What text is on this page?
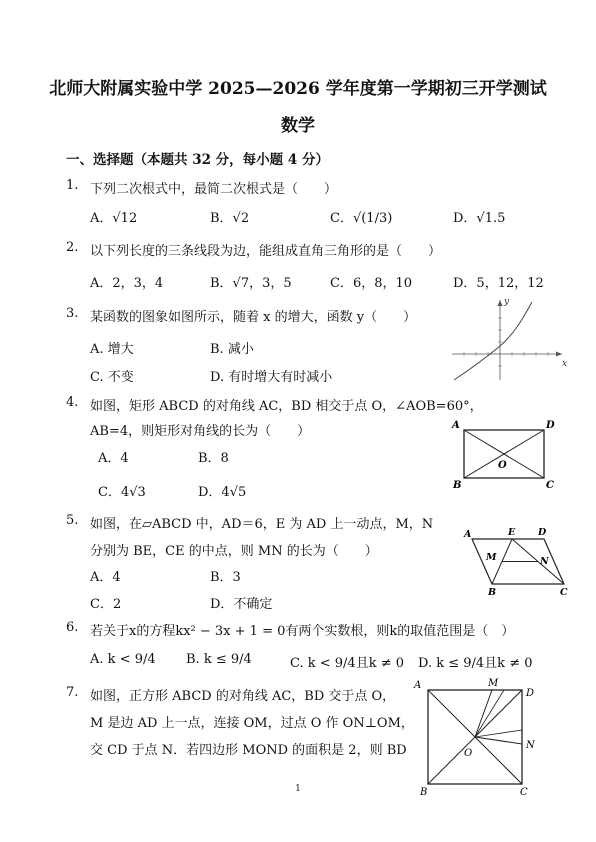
北师大附属实验中学 2025—2026 学年度第一学期初三开学测试
数学
一、选择题（本题共 32 分，每小题 4 分）
1. 下列二次根式中，最简二次根式是（　　）
A．√12	B．√2	C．√(1/3)	D．√1.5
2. 以下列长度的三条线段为边，能组成直角三角形的是（　　）
A．2，3，4	B．√7，3，5	C．6，8，10	D．5，12，12
3. 某函数的图象如图所示，随着 x 的增大，函数 y（　　）
A. 增大	B. 减小
C. 不变	D. 有时增大有时减小
x
y
4. 如图，矩形 ABCD 的对角线 AC，BD 相交于点 O，∠AOB=60°，
AB=4，则矩形对角线的长为（　　）
A．4	B．8
C．4√3	D．4√5
A	D
B	C
O
5. 如图，在▱ABCD 中，AD＝6，E 为 AD 上一动点，M，N
分别为 BE，CE 的中点，则 MN 的长为（　　）
A．4	B．3
C．2	D．不确定
A	E D
M	N
B	C
6. 若关于x的方程kx² − 3x + 1 = 0有两个实数根，则k的取值范围是（　）
A. k < 9/4 B. k ≤ 9/4	C. k < 9/4且k ≠ 0 D. k ≤ 9/4且k ≠ 0
7. 如图，正方形 ABCD 的对角线 AC，BD 交于点 O，
M 是边 AD 上一点，连接 OM，过点 O 作 ON⊥OM，
交 CD 于点 N．若四边形 MOND 的面积是 2，则 BD
A	M
D
N
O
B	C
1
